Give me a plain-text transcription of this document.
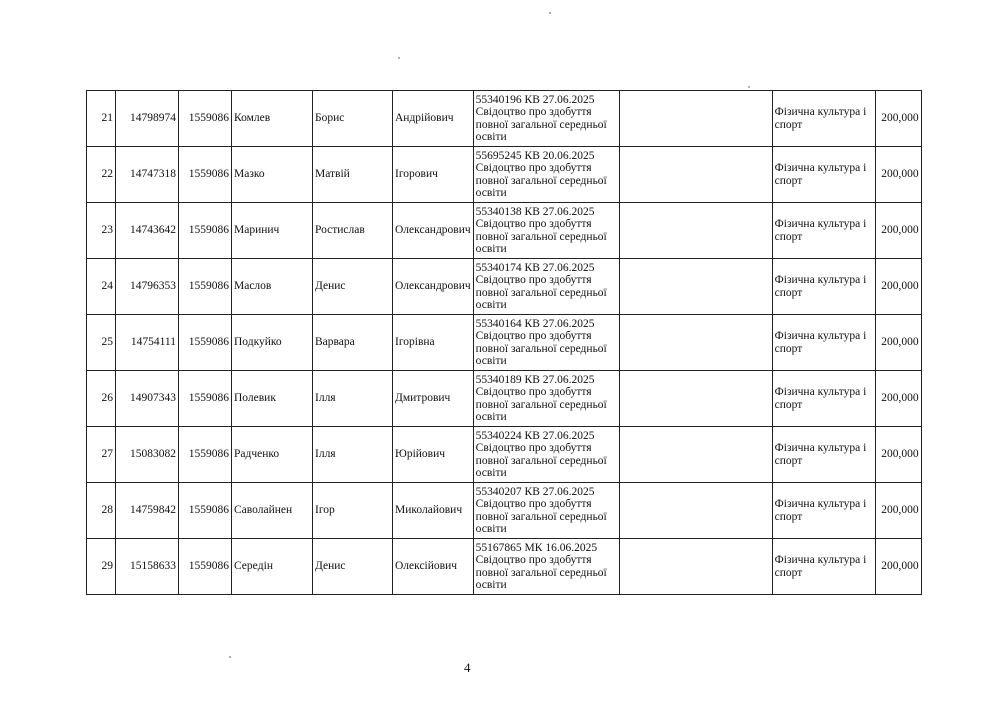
21	14798974	1559086	Комлев	Борис	Андрійович	55340196 КВ 27.06.2025
Свідоцтво про здобуття повної загальної середньої освіти		Фізична культура і спорт	200,000
22	14747318	1559086	Мазко	Матвій	Ігорович	55695245 КВ 20.06.2025
Свідоцтво про здобуття повної загальної середньої освіти		Фізична культура і спорт	200,000
23	14743642	1559086	Маринич	Ростислав	Олександрович	55340138 КВ 27.06.2025
Свідоцтво про здобуття повної загальної середньої освіти		Фізична культура і спорт	200,000
24	14796353	1559086	Маслов	Денис	Олександрович	55340174 КВ 27.06.2025
Свідоцтво про здобуття повної загальної середньої освіти		Фізична культура і спорт	200,000
25	14754111	1559086	Подкуйко	Варвара	Ігорівна	55340164 КВ 27.06.2025
Свідоцтво про здобуття повної загальної середньої освіти		Фізична культура і спорт	200,000
26	14907343	1559086	Полевик	Ілля	Дмитрович	55340189 КВ 27.06.2025
Свідоцтво про здобуття повної загальної середньої освіти		Фізична культура і спорт	200,000
27	15083082	1559086	Радченко	Ілля	Юрійович	55340224 КВ 27.06.2025
Свідоцтво про здобуття повної загальної середньої освіти		Фізична культура і спорт	200,000
28	14759842	1559086	Саволайнен	Ігор	Миколайович	55340207 КВ 27.06.2025
Свідоцтво про здобуття повної загальної середньої освіти		Фізична культура і спорт	200,000
29	15158633	1559086	Серeдін	Денис	Олексійович	55167865 МК 16.06.2025
Свідоцтво про здобуття повної загальної середньої освіти		Фізична культура і спорт	200,000
4
